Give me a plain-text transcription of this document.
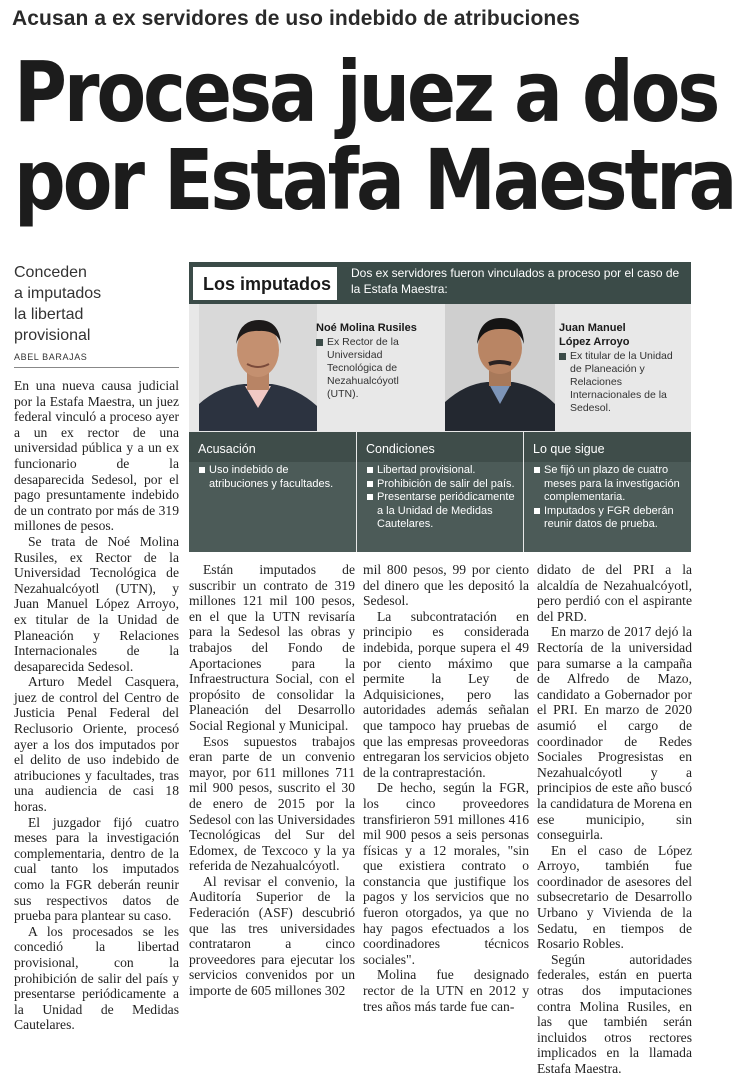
Acusan a ex servidores de uso indebido de atribuciones
Procesa juez a dos
por Estafa Maestra
Conceden
a imputados
la libertad
provisional
ABEL BARAJAS
Los imputados
Dos ex servidores fueron vinculados a proceso por el caso de la Estafa Maestra:
Noé Molina Rusiles
Ex Rector de la Universidad Tecnológica de Nezahualcóyotl (UTN).
Juan Manuel
López Arroyo
Ex titular de la Unidad de Planeación y Relaciones Internacionales de la Sedesol.
Acusación
Uso indebido de atribuciones y facultades.
Condiciones
Libertad provisional.
Prohibición de salir del país.
Presentarse periódicamente a la Unidad de Medidas Cautelares.
Lo que sigue
Se fijó un plazo de cuatro meses para la investigación complementaria.
Imputados y FGR deberán reunir datos de prueba.

En una nueva causa judicial por la Estafa Maestra, un juez federal vinculó a proceso ayer a un ex rector de una universidad pública y a un ex funcionario de la desaparecida Sedesol, por el pago presuntamente indebido de un contrato por más de 319 millones de pesos.

Se trata de Noé Molina Rusiles, ex Rector de la Universidad Tecnológica de Nezahualcóyotl (UTN), y Juan Manuel López Arroyo, ex titular de la Unidad de Planeación y Relaciones Internacionales de la desaparecida Sedesol.

Arturo Medel Casquera, juez de control del Centro de Justicia Penal Federal del Reclusorio Oriente, procesó ayer a los dos imputados por el delito de uso indebido de atribuciones y facultades, tras una audiencia de casi 18 horas.

El juzgador fijó cuatro meses para la investigación complementaria, dentro de la cual tanto los imputados como la FGR deberán reunir sus respectivos datos de prueba para plantear su caso.

A los procesados se les concedió la libertad provisional, con la prohibición de salir del país y presentarse periódicamente a la Unidad de Medidas Cautelares.

Están imputados de suscribir un contrato de 319 millones 121 mil 100 pesos, en el que la UTN revisaría para la Sedesol las obras y trabajos del Fondo de Aportaciones para la Infraestructura Social, con el propósito de consolidar la Planeación del Desarrollo Social Regional y Municipal.

Esos supuestos trabajos eran parte de un convenio mayor, por 611 millones 711 mil 900 pesos, suscrito el 30 de enero de 2015 por la Sedesol con las Universidades Tecnológicas del Sur del Edomex, de Texcoco y la ya referida de Nezahualcóyotl.

Al revisar el convenio, la Auditoría Superior de la Federación (ASF) descubrió que las tres universidades contrataron a cinco proveedores para ejecutar los servicios convenidos por un importe de 605 millones 302

mil 800 pesos, 99 por ciento del dinero que les depositó la Sedesol.

La subcontratación en principio es considerada indebida, porque supera el 49 por ciento máximo que permite la Ley de Adquisiciones, pero las autoridades además señalan que tampoco hay pruebas de que las empresas proveedoras entregaran los servicios objeto de la contraprestación.

De hecho, según la FGR, los cinco proveedores transfirieron 591 millones 416 mil 900 pesos a seis personas físicas y a 12 morales, "sin que existiera contrato o constancia que justifique los pagos y los servicios que no fueron otorgados, ya que no hay pagos efectuados a los coordinadores técnicos sociales".

Molina fue designado rector de la UTN en 2012 y tres años más tarde fue can-

didato de del PRI a la alcaldía de Nezahualcóyotl, pero perdió con el aspirante del PRD.

En marzo de 2017 dejó la Rectoría de la universidad para sumarse a la campaña de Alfredo de Mazo, candidato a Gobernador por el PRI. En marzo de 2020 asumió el cargo de coordinador de Redes Sociales Progresistas en Nezahualcóyotl y a principios de este año buscó la candidatura de Morena en ese municipio, sin conseguirla.

En el caso de López Arroyo, también fue coordinador de asesores del subsecretario de Desarrollo Urbano y Vivienda de la Sedatu, en tiempos de Rosario Robles.

Según autoridades federales, están en puerta otras dos imputaciones contra Molina Rusiles, en las que también serán incluidos otros rectores implicados en la llamada Estafa Maestra.
